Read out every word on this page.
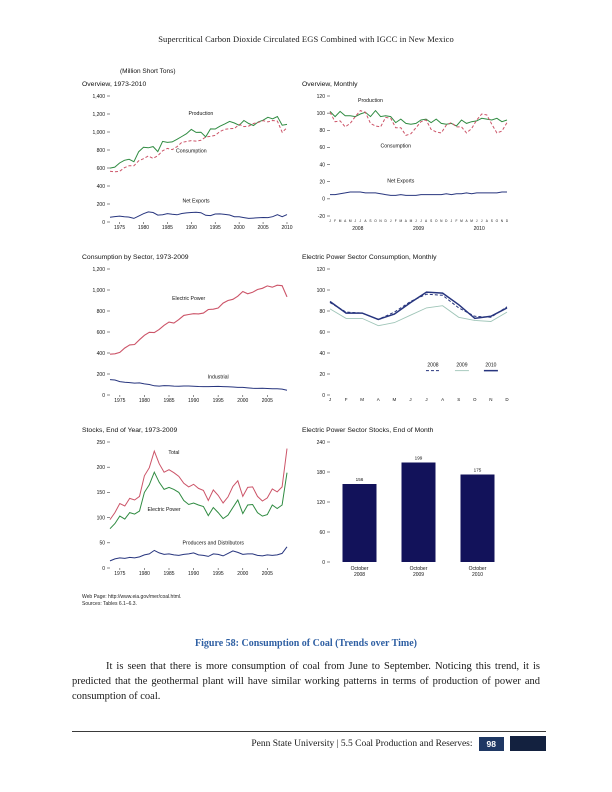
Supercritical Carbon Dioxide Circulated EGS Combined with IGCC in New Mexico
(Million Short Tons)
Overview, 1973-2010
0
200
400
600
800
1,000
1,200
1,400
1975	1980	1985	1990	1995	2000	2005	2010
Production
Consumption
Net Exports
Overview, Monthly
-20
0
20
40
60
80
100
120
J F M A M J J A S O N D J F M A M J J A S O N D J F M A M J J A S O N D
2008	2009	2010
Production
Consumption
Net Exports
Consumption by Sector, 1973-2009
0
200
400
600
800
1,000
1,200
1975	1980	1985	1990	1995	2000	2005
Electric Power
Industrial
Electric Power Sector Consumption, Monthly
0
20
40
60
80
100
120
J	F	M	A	M	J	J	A	S	O	N	D
2008	2009	2010
Stocks, End of Year, 1973-2009
0
50
100
150
200
250
1975	1980	1985	1990	1995	2000	2005
Total
Electric Power
Producers and Distributors
Electric Power Sector Stocks, End of Month
0
60
120
180
240
156
October
2008
199
October
2009
175
October
2010
Web Page: http://www.eia.gov/mer/coal.html.
Sources: Tables 6.1–6.3.
Figure 58: Consumption of Coal (Trends over Time)

It is seen that there is more consumption of coal from June to September. Noticing this trend, it is predicted that the geothermal plant will have similar working patterns in terms of production of power and consumption of coal.

Penn State University | 5.5 Coal Production and Reserves:	98
